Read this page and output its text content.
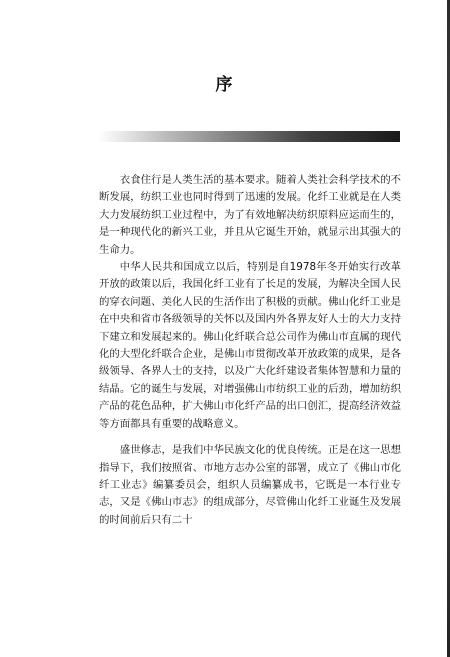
序

衣食住行是人类生活的基本要求。随着人类社会科学技术的不断发展，纺织工业也同时得到了迅速的发展。化纤工业就是在人类大力发展纺织工业过程中，为了有效地解决纺织原料应运而生的，是一种现代化的新兴工业，并且从它诞生开始，就显示出其强大的生命力。

中华人民共和国成立以后，特别是自1978年冬开始实行改革开放的政策以后，我国化纤工业有了长足的发展，为解决全国人民的穿衣问题、美化人民的生活作出了积极的贡献。佛山化纤工业是在中央和省市各级领导的关怀以及国内外各界友好人士的大力支持下建立和发展起来的。佛山化纤联合总公司作为佛山市直属的现代化的大型化纤联合企业，是佛山市贯彻改革开放政策的成果，是各级领导、各界人士的支持，以及广大化纤建设者集体智慧和力量的结晶。它的诞生与发展，对增强佛山市纺织工业的后劲，增加纺织产品的花色品种，扩大佛山市化纤产品的出口创汇，提高经济效益等方面都具有重要的战略意义。

盛世修志，是我们中华民族文化的优良传统。正是在这一思想指导下，我们按照省、市地方志办公室的部署，成立了《佛山市化纤工业志》编纂委员会，组织人员编纂成书，它既是一本行业专志，又是《佛山市志》的组成部分，尽管佛山化纤工业诞生及发展的时间前后只有二十
